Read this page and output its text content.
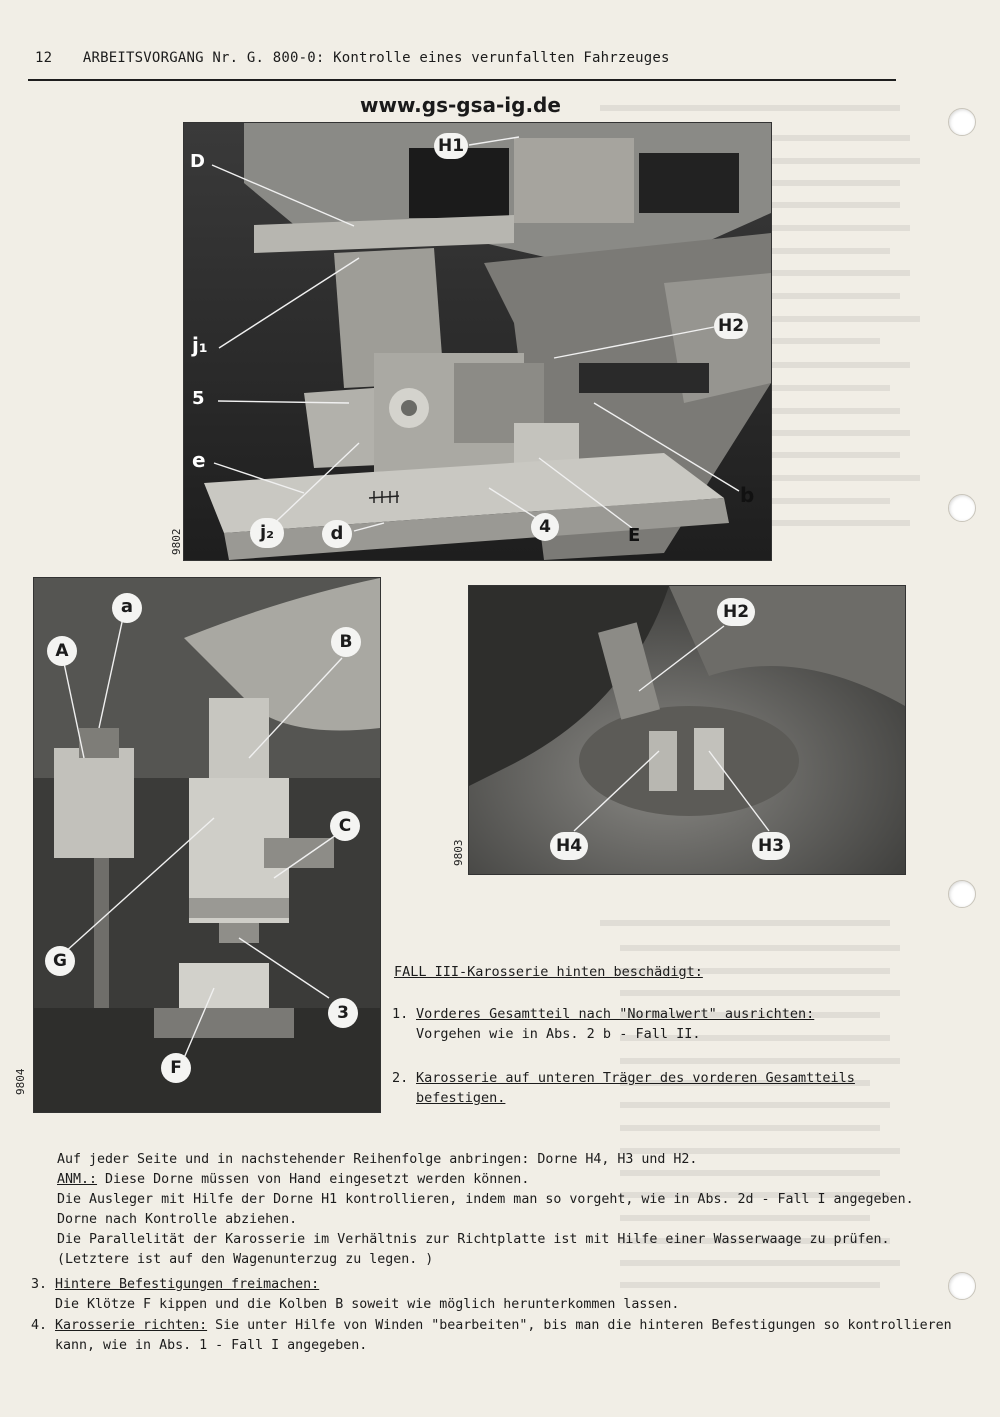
12 ARBEITSVORGANG Nr. G. 800-0: Kontrolle eines verunfallten Fahrzeuges
www.gs-gsa-ig.de
D
H1
H2
j₁
5
e
b
j₂	d	4	E
9802
a
A	B
C
G
3
F
9804
H2
H4	H3
9803
FALL III-Karosserie hinten beschädigt:
1. Vorderes Gesamtteil nach "Normalwert" ausrichten:
Vorgehen wie in Abs. 2 b - Fall II.
2. Karosserie auf unteren Träger des vorderen Gesamtteils
befestigen.
Auf jeder Seite und in nachstehender Reihenfolge anbringen: Dorne H4, H3 und H2.
ANM.: Diese Dorne müssen von Hand eingesetzt werden können.
Die Ausleger mit Hilfe der Dorne H1 kontrollieren, indem man so vorgeht, wie in Abs. 2d - Fall I angegeben.
Dorne nach Kontrolle abziehen.
Die Parallelität der Karosserie im Verhältnis zur Richtplatte ist mit Hilfe einer Wasserwaage zu prüfen.
(Letztere ist auf den Wagenunterzug zu legen. )
3. Hintere Befestigungen freimachen:
Die Klötze F kippen und die Kolben B soweit wie möglich herunterkommen lassen.
4. Karosserie richten: Sie unter Hilfe von Winden "bearbeiten", bis man die hinteren Befestigungen so kontrollieren
kann, wie in Abs. 1 - Fall I angegeben.
